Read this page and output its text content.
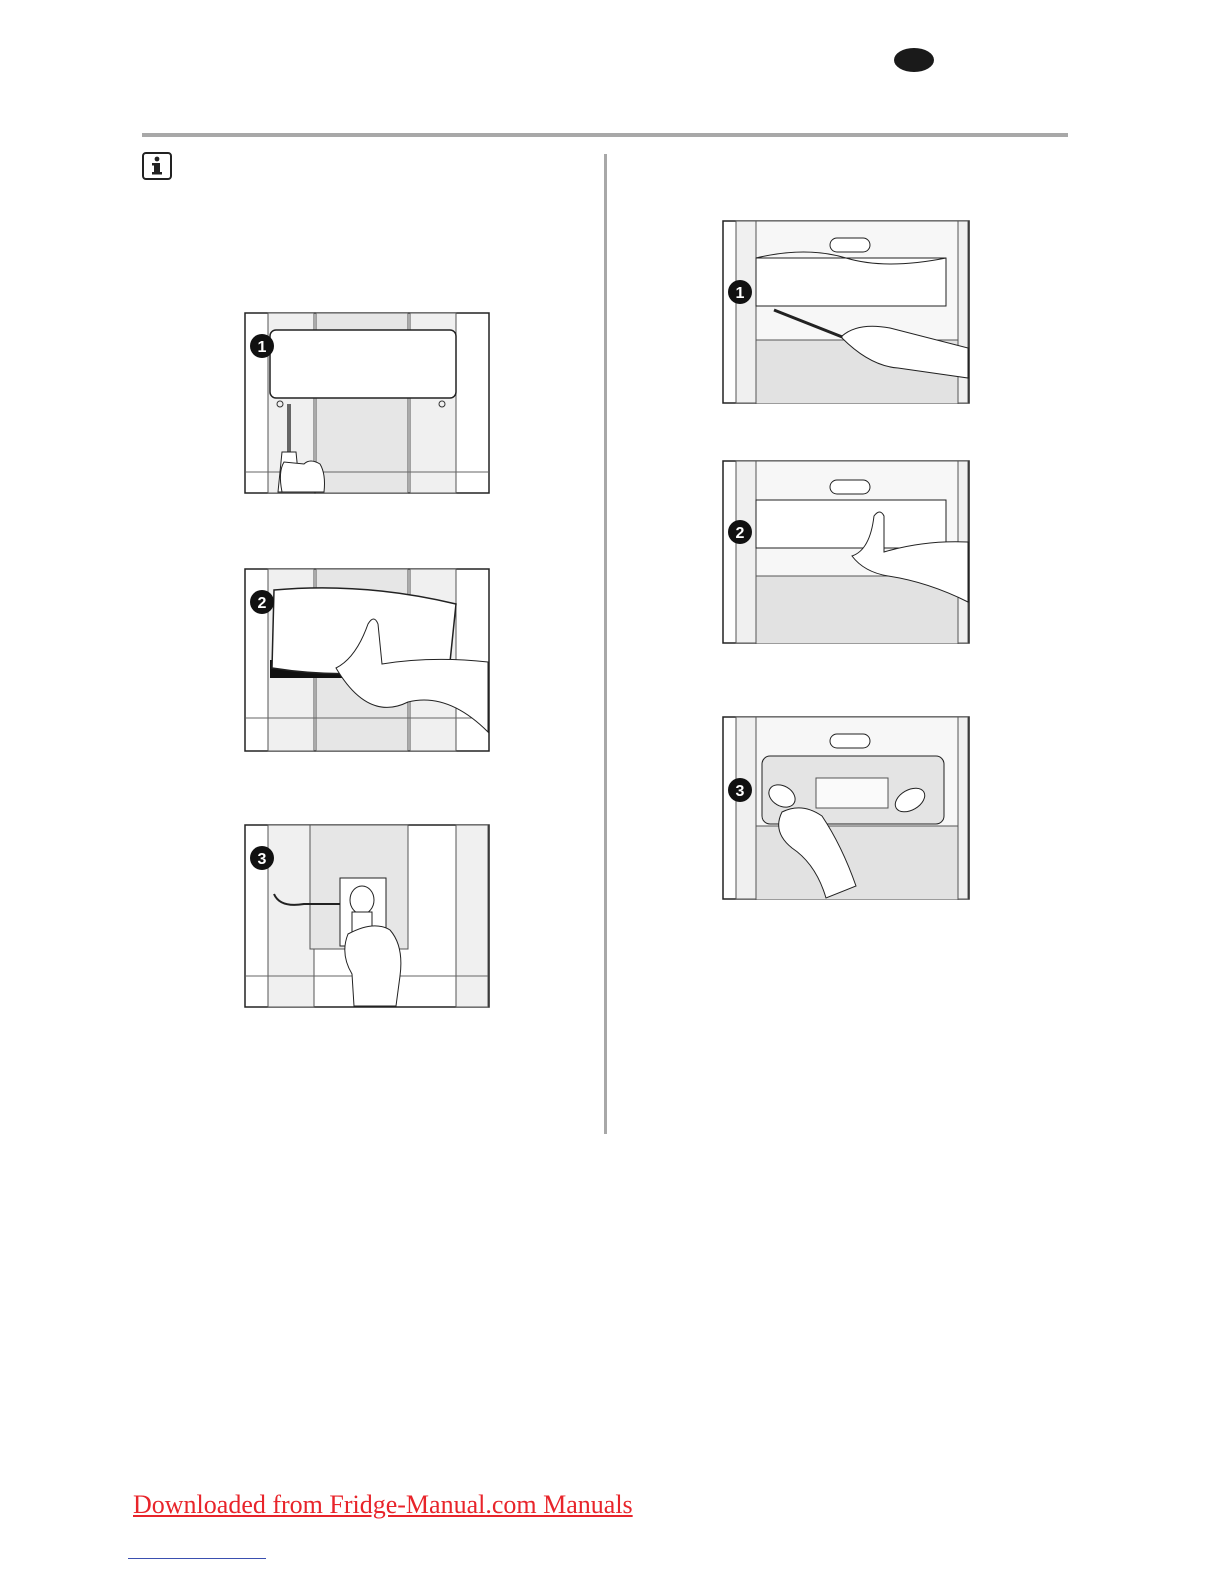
1
2
3
1
2
3
Downloaded from Fridge-Manual.com Manuals
